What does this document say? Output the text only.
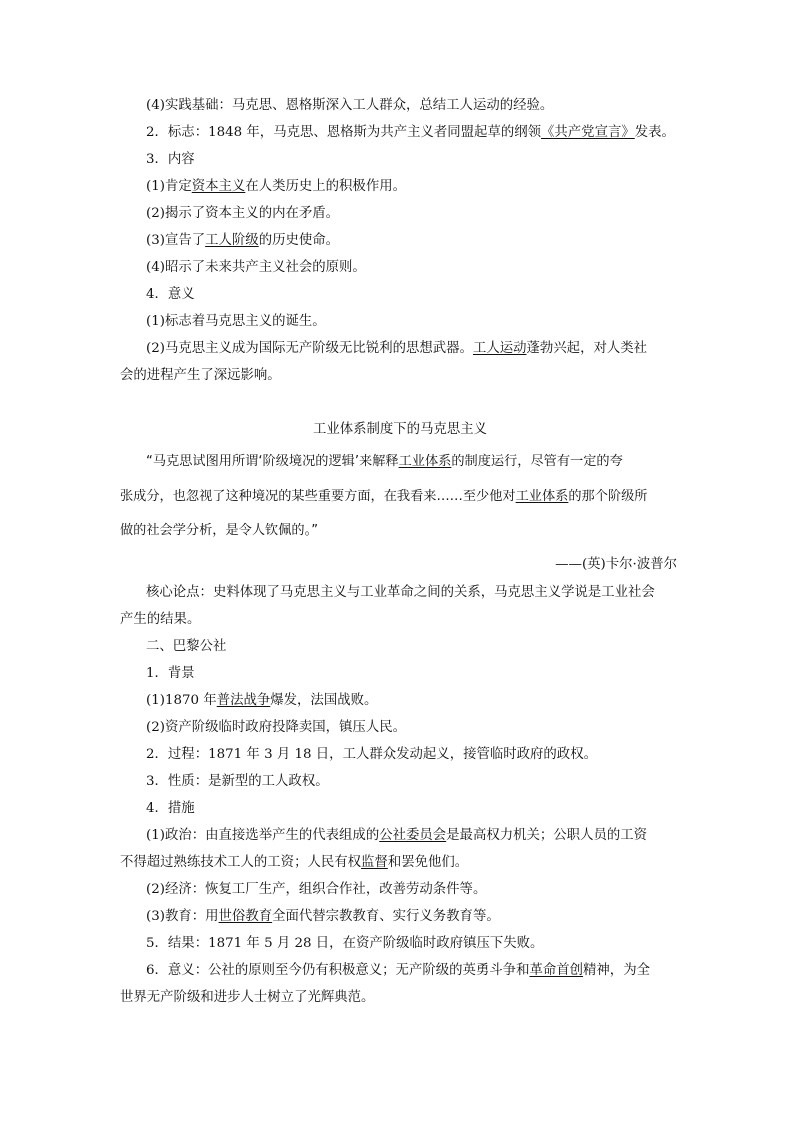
(4)实践基础：马克思、恩格斯深入工人群众，总结工人运动的经验。
2．标志：1848 年，马克思、恩格斯为共产主义者同盟起草的纲领《共产党宣言》发表。
3．内容
(1)肯定资本主义在人类历史上的积极作用。
(2)揭示了资本主义的内在矛盾。
(3)宣告了工人阶级的历史使命。
(4)昭示了未来共产主义社会的原则。
4．意义
(1)标志着马克思主义的诞生。
(2)马克思主义成为国际无产阶级无比锐利的思想武器。工人运动蓬勃兴起，对人类社
会的进程产生了深远影响。
工业体系制度下的马克思主义
“马克思试图用所谓‘阶级境况的逻辑’来解释工业体系的制度运行，尽管有一定的夸
张成分，也忽视了这种境况的某些重要方面，在我看来……至少他对工业体系的那个阶级所
做的社会学分析，是令人钦佩的。”
——(英)卡尔·波普尔
核心论点：史料体现了马克思主义与工业革命之间的关系，马克思主义学说是工业社会
产生的结果。
二、巴黎公社
1．背景
(1)1870 年普法战争爆发，法国战败。
(2)资产阶级临时政府投降卖国，镇压人民。
2．过程：1871 年 3 月 18 日，工人群众发动起义，接管临时政府的政权。
3．性质：是新型的工人政权。
4．措施
(1)政治：由直接选举产生的代表组成的公社委员会是最高权力机关；公职人员的工资
不得超过熟练技术工人的工资；人民有权监督和罢免他们。
(2)经济：恢复工厂生产，组织合作社，改善劳动条件等。
(3)教育：用世俗教育全面代替宗教教育、实行义务教育等。
5．结果：1871 年 5 月 28 日，在资产阶级临时政府镇压下失败。
6．意义：公社的原则至今仍有积极意义；无产阶级的英勇斗争和革命首创精神，为全
世界无产阶级和进步人士树立了光辉典范。
